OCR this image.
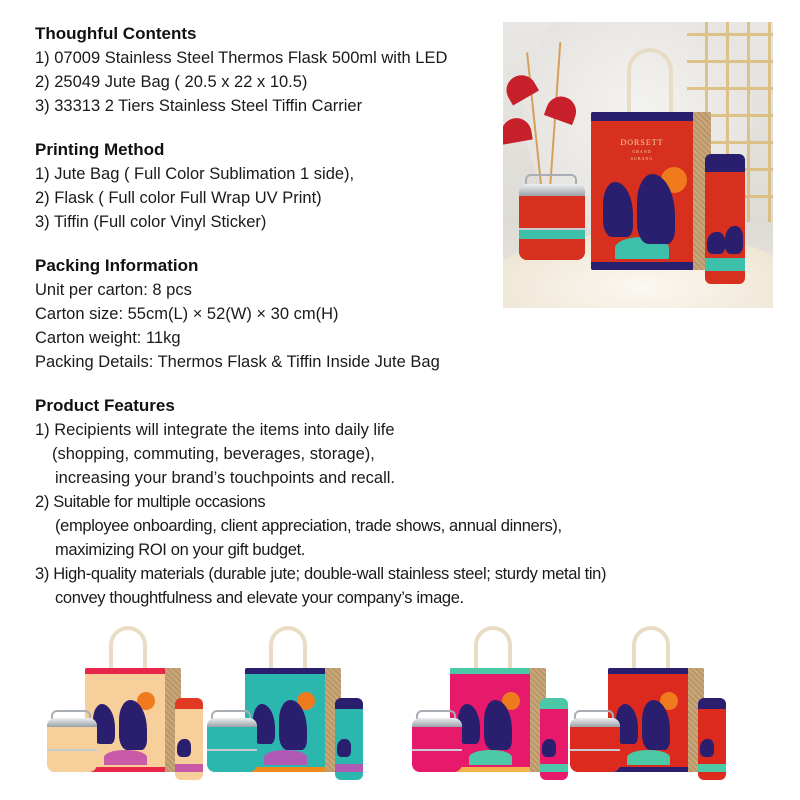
Thoughful Contents
1) 07009 Stainless Steel Thermos Flask 500ml with LED
2) 25049 Jute Bag ( 20.5 x 22 x 10.5)
3) 33313 2 Tiers Stainless Steel Tiffin Carrier
Printing Method
1) Jute Bag ( Full Color Sublimation 1 side),
2) Flask ( Full color Full Wrap UV Print)
3) Tiffin (Full color Vinyl Sticker)
Packing Information
Unit per carton: 8 pcs
Carton size: 55cm(L) × 52(W) × 30 cm(H)
Carton weight: 11kg
Packing Details: Thermos Flask & Tiffin Inside Jute Bag
Product Features
1) Recipients will integrate the items into daily life
(shopping, commuting, beverages, storage),
increasing your brand’s touchpoints and recall.
2) Suitable for multiple occasions
(employee onboarding, client appreciation, trade shows, annual dinners),
maximizing ROI on your gift budget.
3) High-quality materials (durable jute; double-wall stainless steel; sturdy metal tin)
convey thoughtfulness and elevate your company’s image.
DORSETT
GRAND
SUBANG
